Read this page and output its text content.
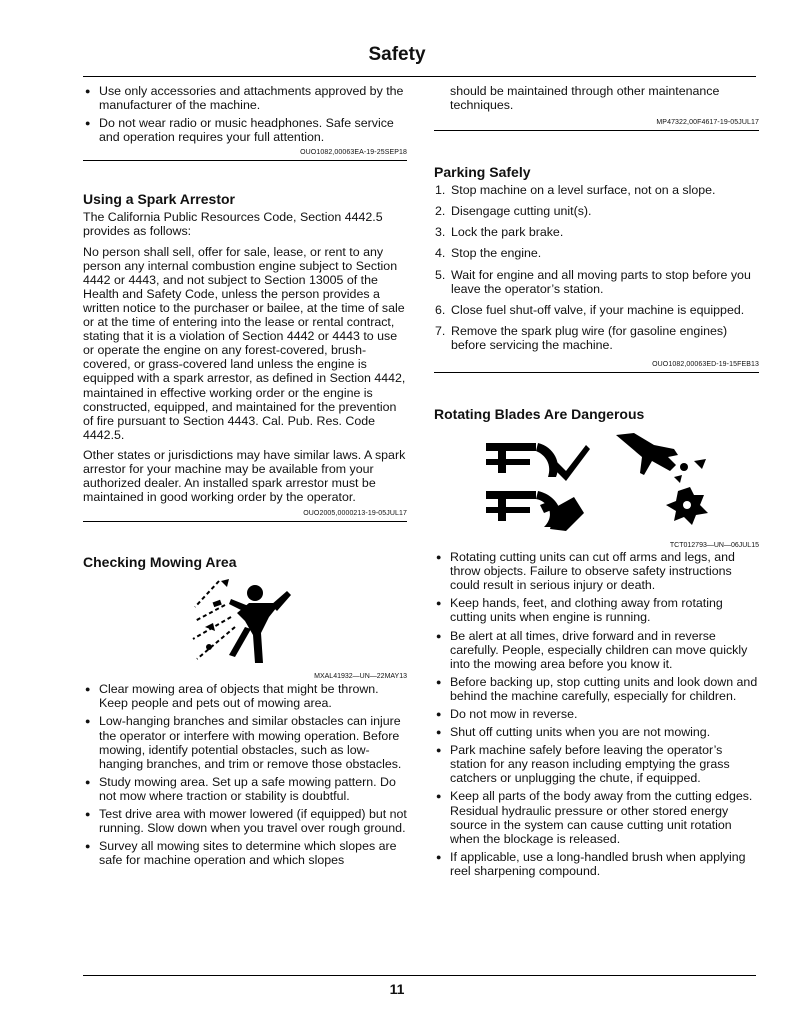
Safety
● Use only accessories and attachments approved by the manufacturer of the machine.
● Do not wear radio or music headphones. Safe service and operation requires your full attention.
OUO1082,00063EA-19-25SEP18
Using a Spark Arrestor

The California Public Resources Code, Section 4442.5 provides as follows:

No person shall sell, offer for sale, lease, or rent to any person any internal combustion engine subject to Section 4442 or 4443, and not subject to Section 13005 of the Health and Safety Code, unless the person provides a written notice to the purchaser or bailee, at the time of sale or at the time of entering into the lease or rental contract, stating that it is a violation of Section 4442 or 4443 to use or operate the engine on any forest-covered, brush-covered, or grass-covered land unless the engine is equipped with a spark arrestor, as defined in Section 4442, maintained in effective working order or the engine is constructed, equipped, and maintained for the prevention of fire pursuant to Section 4443. Cal. Pub. Res. Code 4442.5.

Other states or jurisdictions may have similar laws. A spark arrestor for your machine may be available from your authorized dealer. An installed spark arrestor must be maintained in good working order by the operator.

OUO2005,0000213-19-05JUL17
Checking Mowing Area
MXAL41932—UN—22MAY13
● Clear mowing area of objects that might be thrown. Keep people and pets out of mowing area.
● Low-hanging branches and similar obstacles can injure the operator or interfere with mowing operation. Before mowing, identify potential obstacles, such as low-hanging branches, and trim or remove those obstacles.
● Study mowing area. Set up a safe mowing pattern. Do not mow where traction or stability is doubtful.
● Test drive area with mower lowered (if equipped) but not running. Slow down when you travel over rough ground.
● Survey all mowing sites to determine which slopes are safe for machine operation and which slopes

should be maintained through other maintenance techniques.

MP47322,00F4617-19-05JUL17
Parking Safely
1. Stop machine on a level surface, not on a slope.
2. Disengage cutting unit(s).
3. Lock the park brake.
4. Stop the engine.
5. Wait for engine and all moving parts to stop before you leave the operator’s station.
6. Close fuel shut-off valve, if your machine is equipped.
7. Remove the spark plug wire (for gasoline engines) before servicing the machine.
OUO1082,00063ED-19-15FEB13
Rotating Blades Are Dangerous
TCT012793—UN—06JUL15
● Rotating cutting units can cut off arms and legs, and throw objects. Failure to observe safety instructions could result in serious injury or death.
● Keep hands, feet, and clothing away from rotating cutting units when engine is running.
● Be alert at all times, drive forward and in reverse carefully. People, especially children can move quickly into the mowing area before you know it.
● Before backing up, stop cutting units and look down and behind the machine carefully, especially for children.
● Do not mow in reverse.
● Shut off cutting units when you are not mowing.
● Park machine safely before leaving the operator’s station for any reason including emptying the grass catchers or unplugging the chute, if equipped.
● Keep all parts of the body away from the cutting edges. Residual hydraulic pressure or other stored energy source in the system can cause cutting unit rotation when the blockage is released.
● If applicable, use a long-handled brush when applying reel sharpening compound.
11
